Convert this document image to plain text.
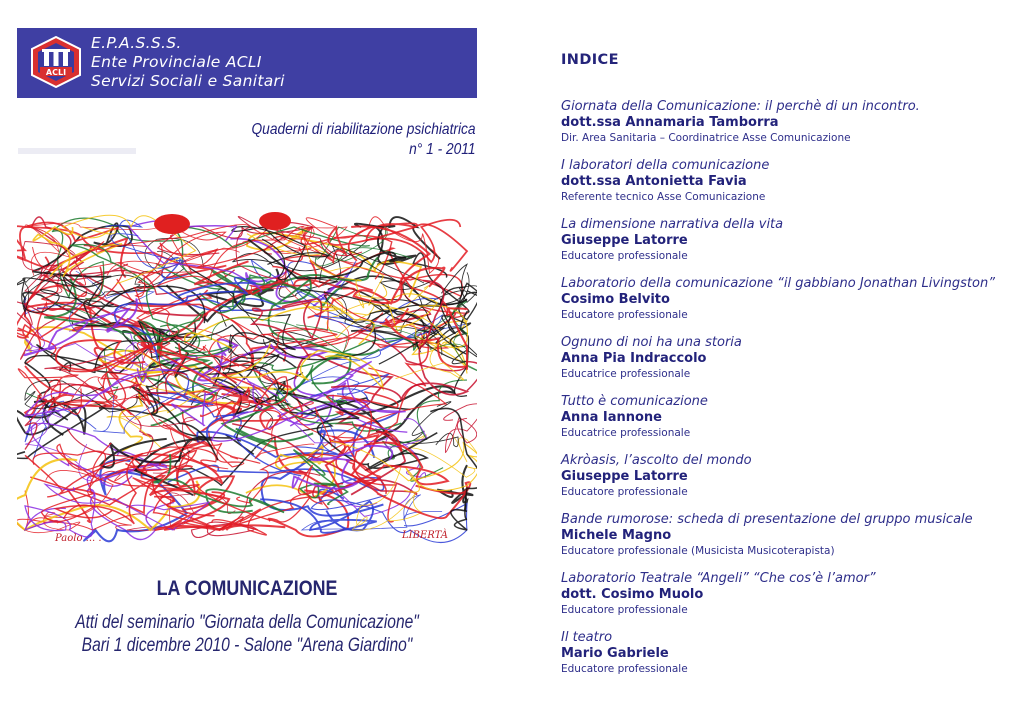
ACLI
E.P.A.S.S.S.
Ente Provinciale ACLI
Servizi Sociali e Sanitari
Quaderni di riabilitazione psichiatrica
n° 1 - 2011
Paolo ... .	LIBERTÀ
LA COMUNICAZIONE
Atti del seminario "Giornata della Comunicazione"
Bari 1 dicembre 2010 - Salone "Arena Giardino"
INDICE
Giornata della Comunicazione: il perchè di un incontro.
dott.ssa Annamaria Tamborra
Dir. Area Sanitaria – Coordinatrice Asse Comunicazione
I laboratori della comunicazione
dott.ssa Antonietta Favia
Referente tecnico Asse Comunicazione
La dimensione narrativa della vita
Giuseppe Latorre
Educatore professionale
Laboratorio della comunicazione “il gabbiano Jonathan Livingston”
Cosimo Belvito
Educatore professionale
Ognuno di noi ha una storia
Anna Pia Indraccolo
Educatrice professionale
Tutto è comunicazione
Anna Iannone
Educatrice professionale
Akròasis, l’ascolto del mondo
Giuseppe Latorre
Educatore professionale
Bande rumorose: scheda di presentazione del gruppo musicale
Michele Magno
Educatore professionale (Musicista Musicoterapista)
Laboratorio Teatrale “Angeli” “Che cos’è l’amor”
dott. Cosimo Muolo
Educatore professionale
Il teatro
Mario Gabriele
Educatore professionale
